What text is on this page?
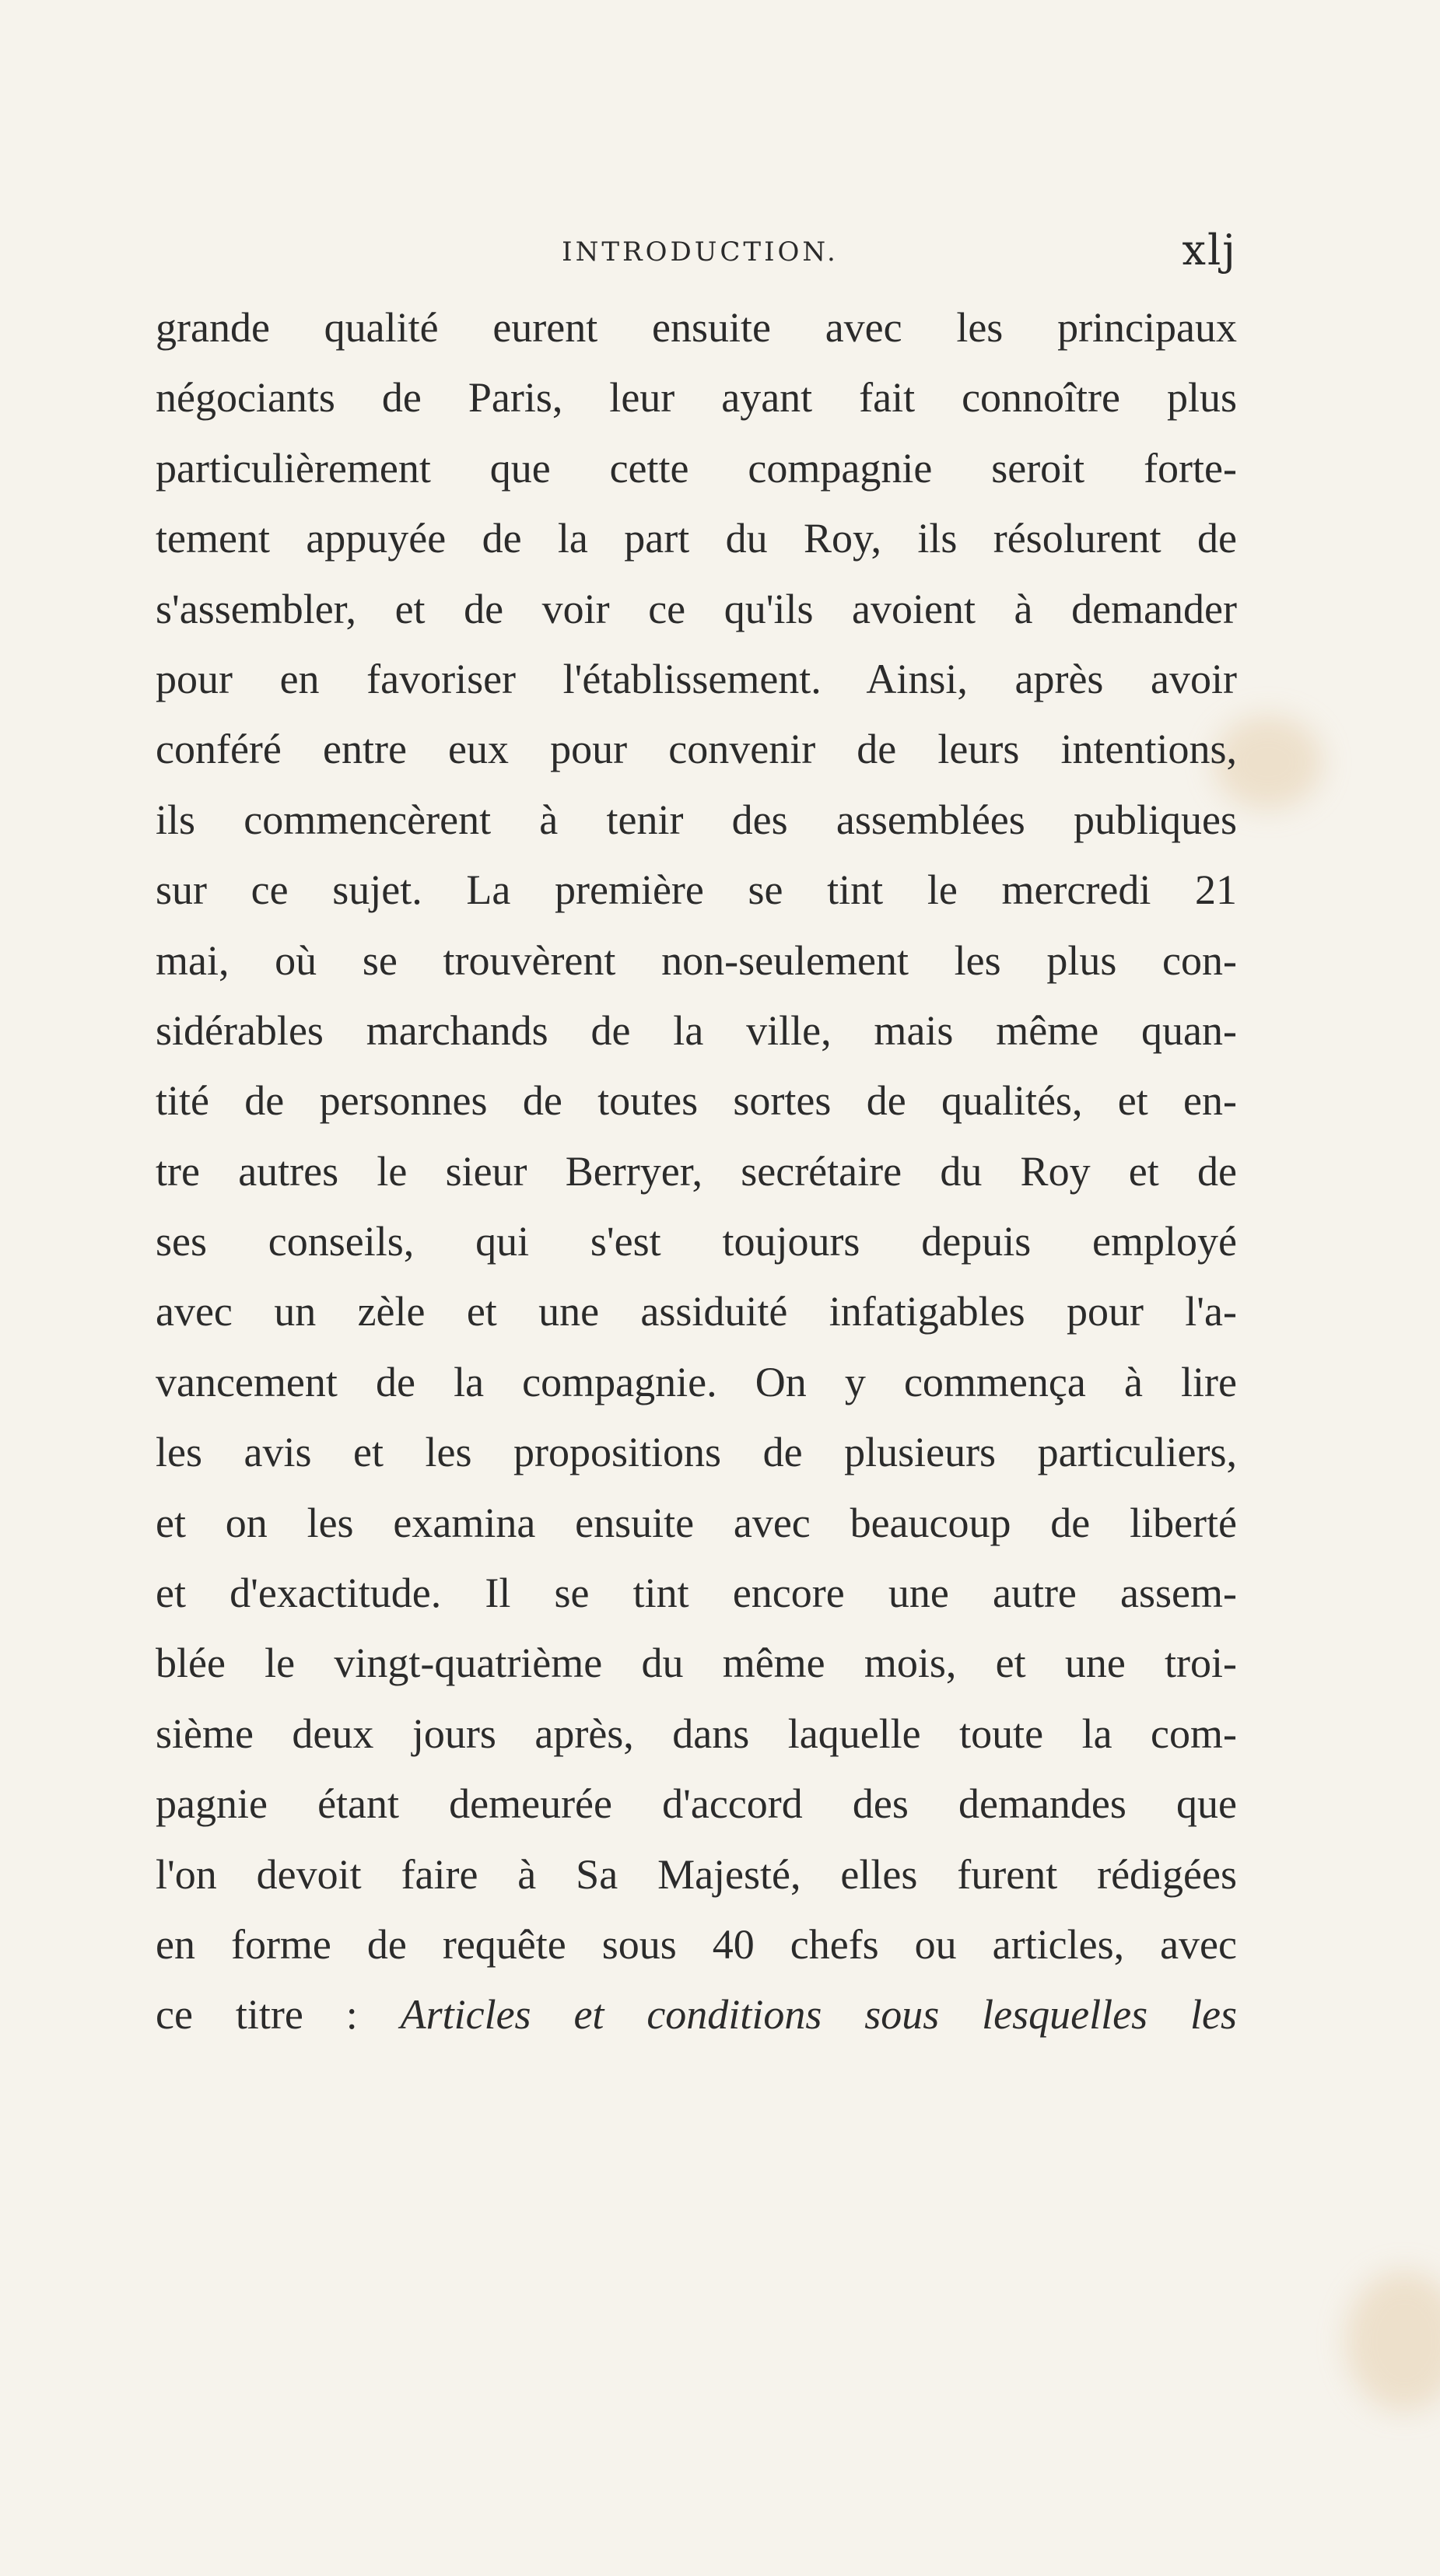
INTRODUCTION.	xlj
grande qualité eurent ensuite avec les principaux
négociants de Paris, leur ayant fait connoître plus
particulièrement que cette compagnie seroit forte-
tement appuyée de la part du Roy, ils résolurent de
s'assembler, et de voir ce qu'ils avoient à demander
pour en favoriser l'établissement. Ainsi, après avoir
conféré entre eux pour convenir de leurs intentions,
ils commencèrent à tenir des assemblées publiques
sur ce sujet. La première se tint le mercredi 21
mai, où se trouvèrent non-seulement les plus con-
sidérables marchands de la ville, mais même quan-
tité de personnes de toutes sortes de qualités, et en-
tre autres le sieur Berryer, secrétaire du Roy et de
ses conseils, qui s'est toujours depuis employé
avec un zèle et une assiduité infatigables pour l'a-
vancement de la compagnie. On y commença à lire
les avis et les propositions de plusieurs particuliers,
et on les examina ensuite avec beaucoup de liberté
et d'exactitude. Il se tint encore une autre assem-
blée le vingt-quatrième du même mois, et une troi-
sième deux jours après, dans laquelle toute la com-
pagnie étant demeurée d'accord des demandes que
l'on devoit faire à Sa Majesté, elles furent rédigées
en forme de requête sous 40 chefs ou articles, avec
ce titre : Articles et conditions sous lesquelles les
